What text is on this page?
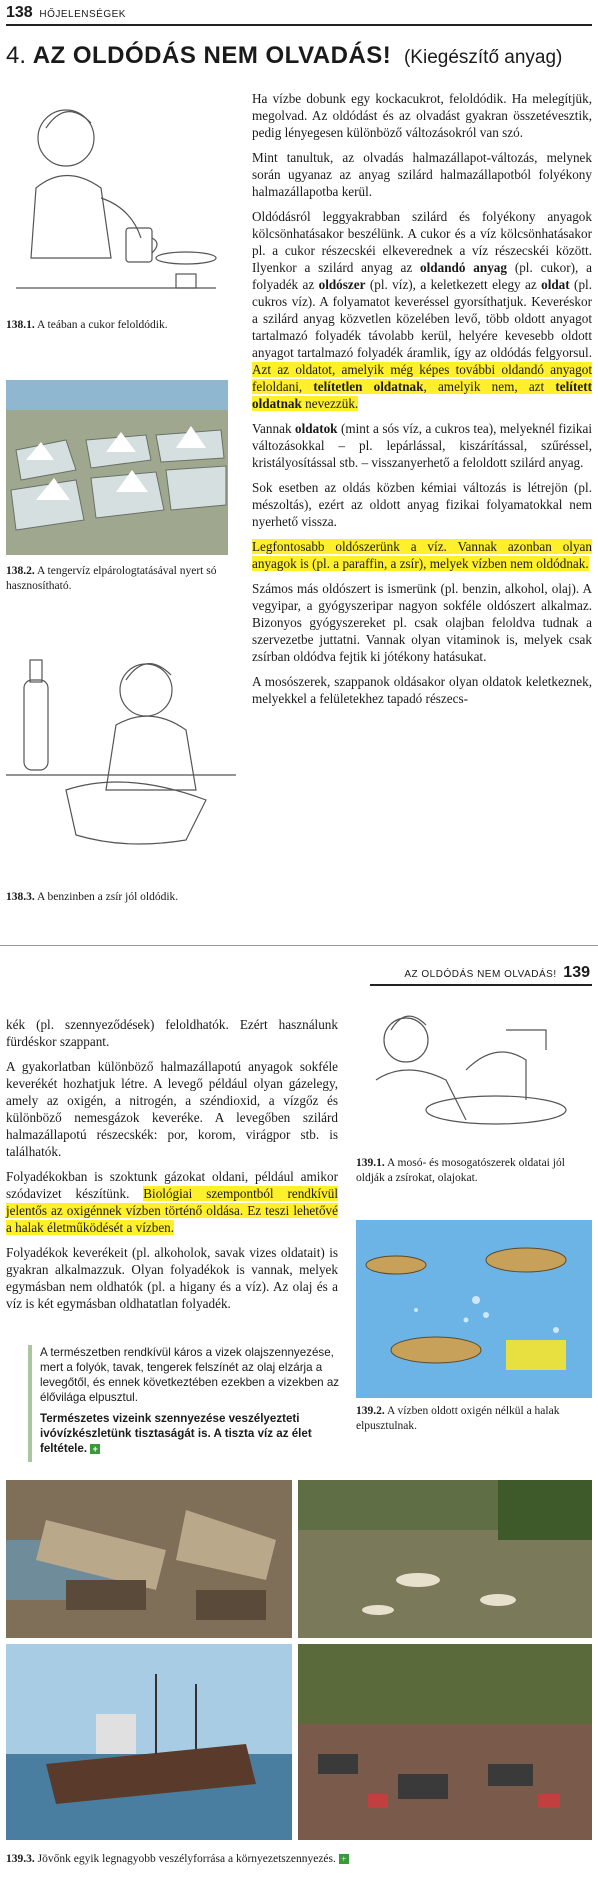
138 HŐJELENSÉGEK
4. AZ OLDÓDÁS NEM OLVADÁS! (Kiegészítő anyag)
138.1. A teában a cukor feloldódik.
138.2. A tengervíz elpárologtatásával nyert só hasznosítható.
138.3. A benzinben a zsír jól oldódik.

Ha vízbe dobunk egy kockacukrot, feloldódik. Ha melegítjük, megolvad. Az oldódást és az olvadást gyakran összetévesztik, pedig lényegesen különböző változásokról van szó.

Mint tanultuk, az olvadás halmazállapot-változás, melynek során ugyanaz az anyag szilárd halmazállapotból folyékony halmazállapotba kerül.

Oldódásról leggyakrabban szilárd és folyékony anyagok kölcsönhatásakor beszélünk. A cukor és a víz kölcsönhatásakor pl. a cukor részecskéi elkeverednek a víz részecskéi között. Ilyenkor a szilárd anyag az oldandó anyag (pl. cukor), a folyadék az oldószer (pl. víz), a keletkezett elegy az oldat (pl. cukros víz). A folyamatot keveréssel gyorsíthatjuk. Keveréskor a szilárd anyag közvetlen közelében levő, több oldott anyagot tartalmazó folyadék távolabb kerül, helyére kevesebb oldott anyagot tartalmazó folyadék áramlik, így az oldódás felgyorsul. Azt az oldatot, amelyik még képes további oldandó anyagot feloldani, telítetlen oldatnak, amelyik nem, azt telített oldatnak nevezzük.

Vannak oldatok (mint a sós víz, a cukros tea), melyeknél fizikai változásokkal – pl. lepárlással, kiszárítással, szűréssel, kristályosítással stb. – visszanyerhető a feloldott szilárd anyag.

Sok esetben az oldás közben kémiai változás is létrejön (pl. mészoltás), ezért az oldott anyag fizikai folyamatokkal nem nyerhető vissza.

Legfontosabb oldószerünk a víz. Vannak azonban olyan anyagok is (pl. a paraffin, a zsír), melyek vízben nem oldódnak.

Számos más oldószert is ismerünk (pl. benzin, alkohol, olaj). A vegyipar, a gyógyszeripar nagyon sokféle oldószert alkalmaz. Bizonyos gyógyszereket pl. csak olajban feloldva tudnak a szervezetbe juttatni. Vannak olyan vitaminok is, melyek csak zsírban oldódva fejtik ki jótékony hatásukat.

A mosószerek, szappanok oldásakor olyan oldatok keletkeznek, melyekkel a felületekhez tapadó részecs-

AZ OLDÓDÁS NEM OLVADÁS! 139

kék (pl. szennyeződések) feloldhatók. Ezért használunk fürdéskor szappant.

A gyakorlatban különböző halmazállapotú anyagok sokféle keverékét hozhatjuk létre. A levegő például olyan gázelegy, amely az oxigén, a nitrogén, a széndioxid, a vízgőz és különböző nemesgázok keveréke. A levegőben szilárd halmazállapotú részecskék: por, korom, virágpor stb. is találhatók.

Folyadékokban is szoktunk gázokat oldani, például amikor szódavizet készítünk. Biológiai szempontból rendkívül jelentős az oxigénnek vízben történő oldása. Ez teszi lehetővé a halak életműködését a vízben.

Folyadékok keverékeit (pl. alkoholok, savak vizes oldatait) is gyakran alkalmazzuk. Olyan folyadékok is vannak, melyek egymásban nem oldhatók (pl. a higany és a víz). Az olaj és a víz is két egymásban oldhatatlan folyadék.

A természetben rendkívül káros a vizek olajszennyezése, mert a folyók, tavak, tengerek felszínét az olaj elzárja a levegőtől, és ennek következtében ezekben a vizekben az élővilága elpusztul.

Természetes vizeink szennyezése veszélyezteti ivóvízkészletünk tisztaságát is. A tiszta víz az élet feltétele. +

139.1. A mosó- és mosogatószerek oldatai jól oldják a zsírokat, olajokat.
139.2. A vízben oldott oxigén nélkül a halak elpusztulnak.
139.3. Jövőnk egyik legnagyobb veszélyforrása a környezetszennyezés. +
